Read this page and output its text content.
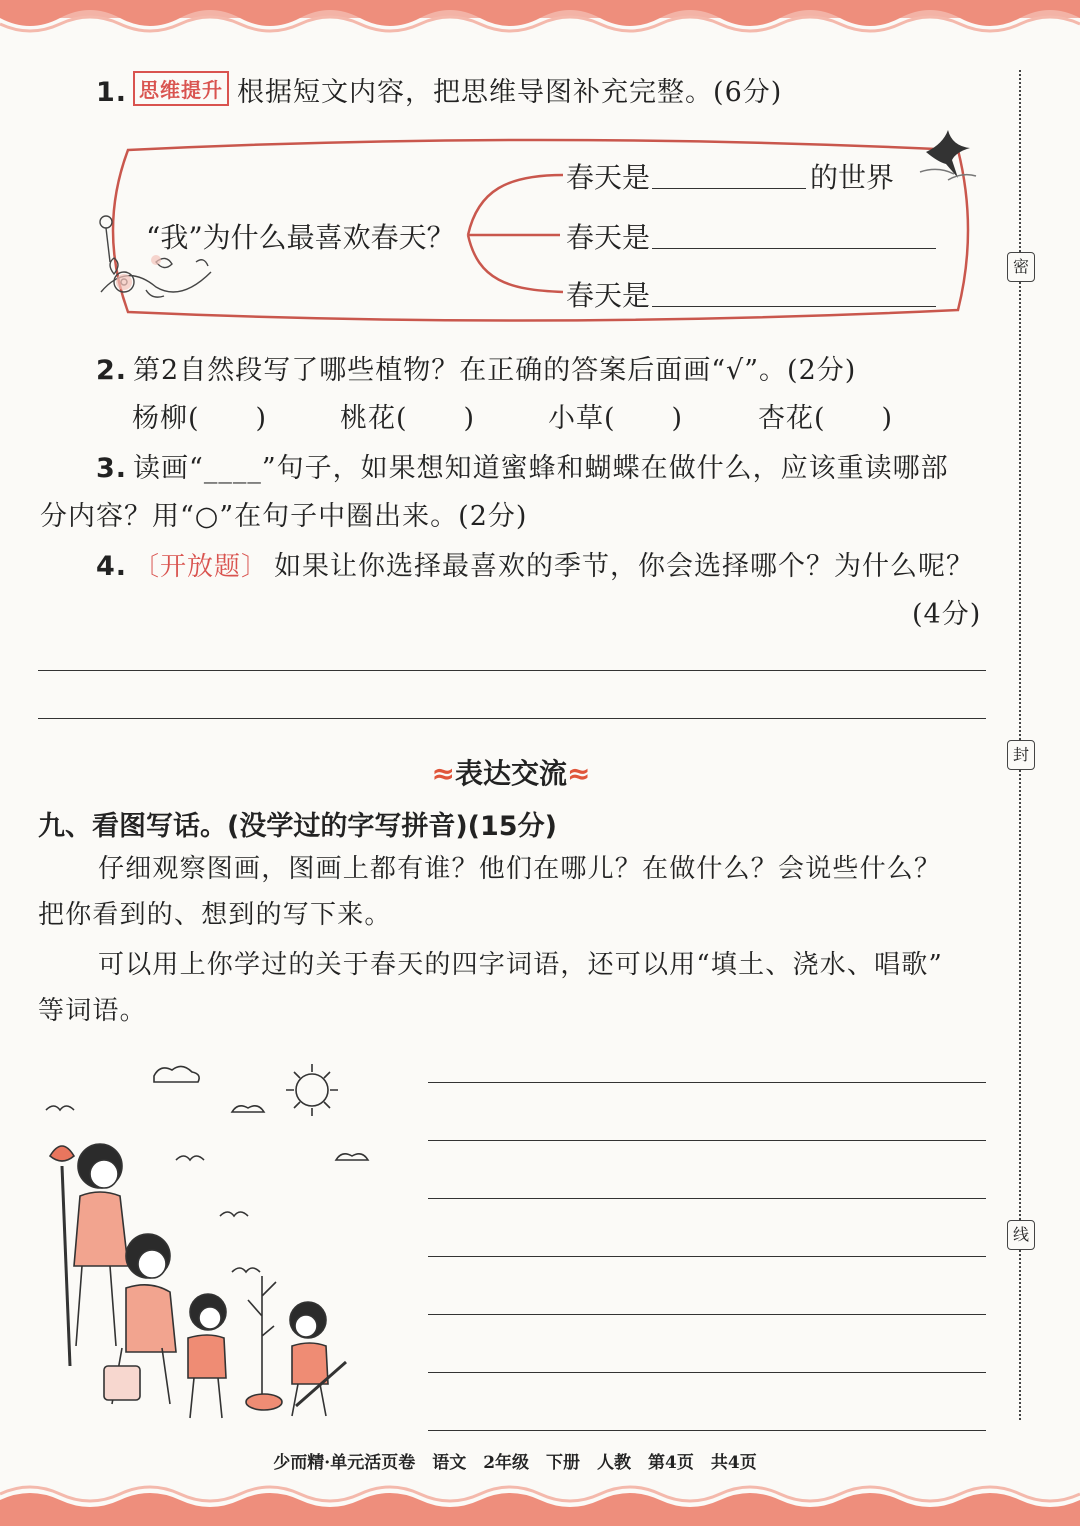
密
封
线
1. 思维提升 根据短文内容，把思维导图补充完整。(6分)
“我”为什么最喜欢春天？
春天是	的世界
春天是
春天是
2. 第2自然段写了哪些植物？在正确的答案后面画“√”。(2分)
杨柳(　　)	桃花(　　)	小草(　　)	杏花(　　)
3. 读画“____”句子，如果想知道蜜蜂和蝴蝶在做什么，应该重读哪部
分内容？用“○”在句子中圈出来。(2分)
4. 〔开放题〕 如果让你选择最喜欢的季节，你会选择哪个？为什么呢？
(4分)
≈表达交流≈
九、看图写话。(没学过的字写拼音)(15分)
仔细观察图画，图画上都有谁？他们在哪儿？在做什么？会说些什么？
把你看到的、想到的写下来。
可以用上你学过的关于春天的四字词语，还可以用“填土、浇水、唱歌”
等词语。
少而精·单元活页卷　语文　2年级　下册　人教　第4页　共4页
